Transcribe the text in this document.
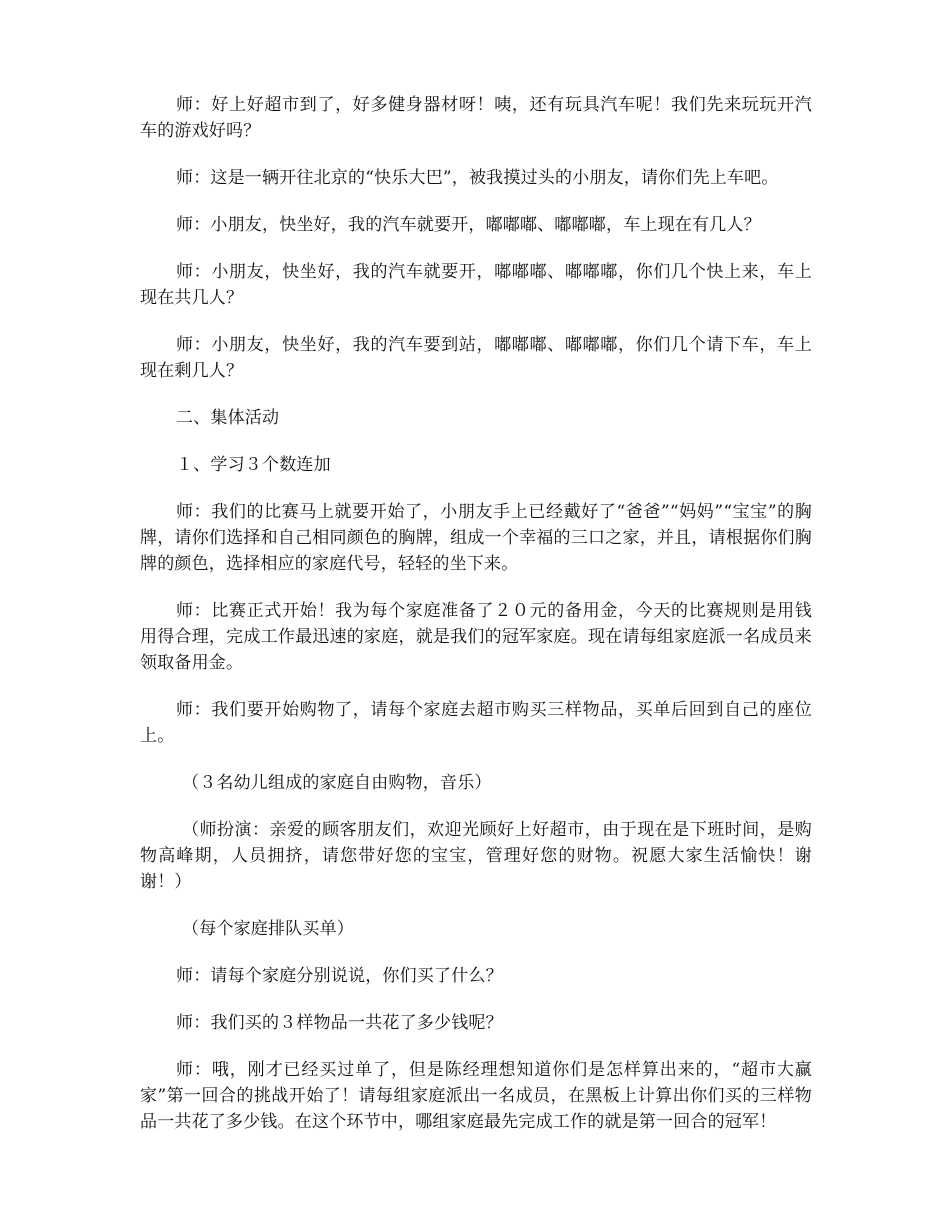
师：好上好超市到了，好多健身器材呀！咦，还有玩具汽车呢！我们先来玩玩开汽车的游戏好吗？

师：这是一辆开往北京的“快乐大巴”，被我摸过头的小朋友，请你们先上车吧。

师：小朋友，快坐好，我的汽车就要开，嘟嘟嘟、嘟嘟嘟，车上现在有几人？

师：小朋友，快坐好，我的汽车就要开，嘟嘟嘟、嘟嘟嘟，你们几个快上来，车上现在共几人？

师：小朋友，快坐好，我的汽车要到站，嘟嘟嘟、嘟嘟嘟，你们几个请下车，车上现在剩几人？

二、集体活动

１、学习３个数连加

师：我们的比赛马上就要开始了，小朋友手上已经戴好了“爸爸”“妈妈”“宝宝”的胸牌，请你们选择和自己相同颜色的胸牌，组成一个幸福的三口之家，并且，请根据你们胸牌的颜色，选择相应的家庭代号，轻轻的坐下来。

师：比赛正式开始！我为每个家庭准备了２０元的备用金，今天的比赛规则是用钱用得合理，完成工作最迅速的家庭，就是我们的冠军家庭。现在请每组家庭派一名成员来领取备用金。

师：我们要开始购物了，请每个家庭去超市购买三样物品，买单后回到自己的座位上。

（３名幼儿组成的家庭自由购物，音乐）

（师扮演：亲爱的顾客朋友们，欢迎光顾好上好超市，由于现在是下班时间，是购物高峰期，人员拥挤，请您带好您的宝宝，管理好您的财物。祝愿大家生活愉快！谢谢！）

（每个家庭排队买单）

师：请每个家庭分别说说，你们买了什么？

师：我们买的３样物品一共花了多少钱呢？

师：哦，刚才已经买过单了，但是陈经理想知道你们是怎样算出来的，“超市大赢家”第一回合的挑战开始了！请每组家庭派出一名成员，在黑板上计算出你们买的三样物品一共花了多少钱。在这个环节中，哪组家庭最先完成工作的就是第一回合的冠军！
